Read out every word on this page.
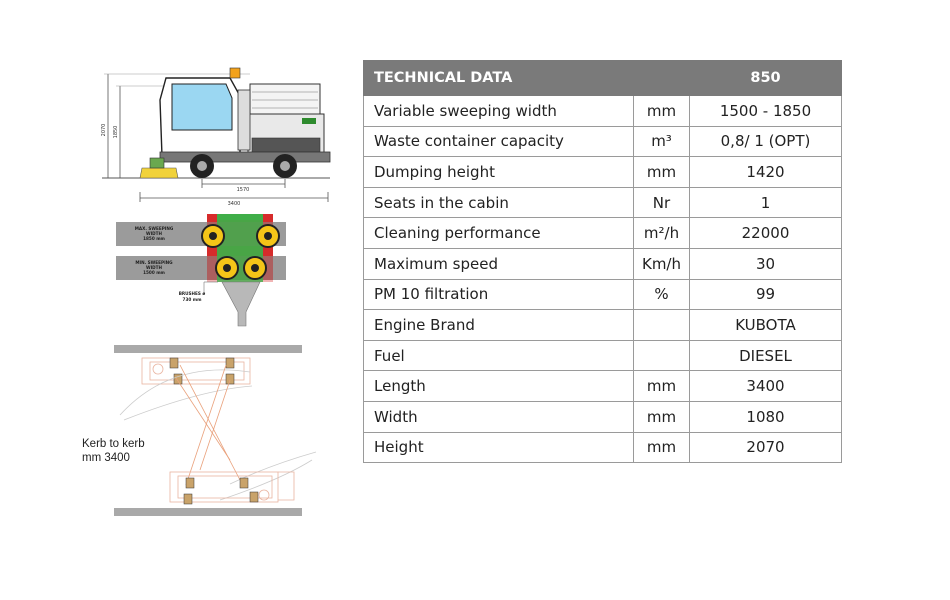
2070 1850
1570
3400
MAX. SWEEPING
WIDTH
1850 mm
MIN. SWEEPING
WIDTH
1500 mm
BRUSHES ø
730 mm
Kerb to kerb
mm 3400
TECHNICAL DATA		850
Variable sweeping width	mm	1500 - 1850
Waste container capacity	m³	0,8/ 1 (OPT)
Dumping height	mm	1420
Seats in the cabin	Nr	1
Cleaning performance	m²/h	22000
Maximum speed	Km/h	30
PM 10 filtration	%	99
Engine Brand		KUBOTA
Fuel		DIESEL
Length	mm	3400
Width	mm	1080
Height	mm	2070
